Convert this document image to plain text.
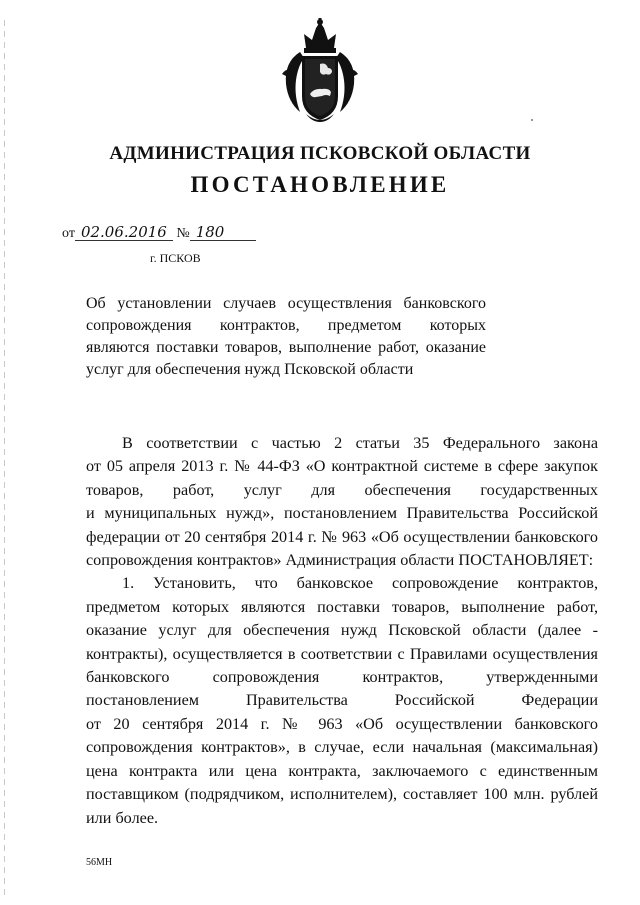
АДМИНИСТРАЦИЯ ПСКОВСКОЙ ОБЛАСТИ
ПОСТАНОВЛЕНИЕ
от 02.06.2016 № 180
г. ПСКОВ
Об установлении случаев осуществления банковского
сопровождения контрактов, предметом которых
являются поставки товаров, выполнение работ, оказание
услуг для обеспечения нужд Псковской области
В соответствии с частью 2 статьи 35 Федерального закона
от 05 апреля 2013 г. № 44-ФЗ «О контрактной системе в сфере закупок
товаров, работ, услуг для обеспечения государственных
и муниципальных нужд», постановлением Правительства Российской
федерации от 20 сентября 2014 г. № 963 «Об осуществлении банковского
сопровождения контрактов» Администрация области ПОСТАНОВЛЯЕТ:
1. Установить, что банковское сопровождение контрактов,
предметом которых являются поставки товаров, выполнение работ,
оказание услуг для обеспечения нужд Псковской области (далее -
контракты), осуществляется в соответствии с Правилами осуществления
банковского сопровождения контрактов, утвержденными
постановлением Правительства Российской Федерации
от 20 сентября 2014 г. № 963 «Об осуществлении банковского
сопровождения контрактов», в случае, если начальная (максимальная)
цена контракта или цена контракта, заключаемого с единственным
поставщиком (подрядчиком, исполнителем), составляет 100 млн. рублей
или более.
56МН
